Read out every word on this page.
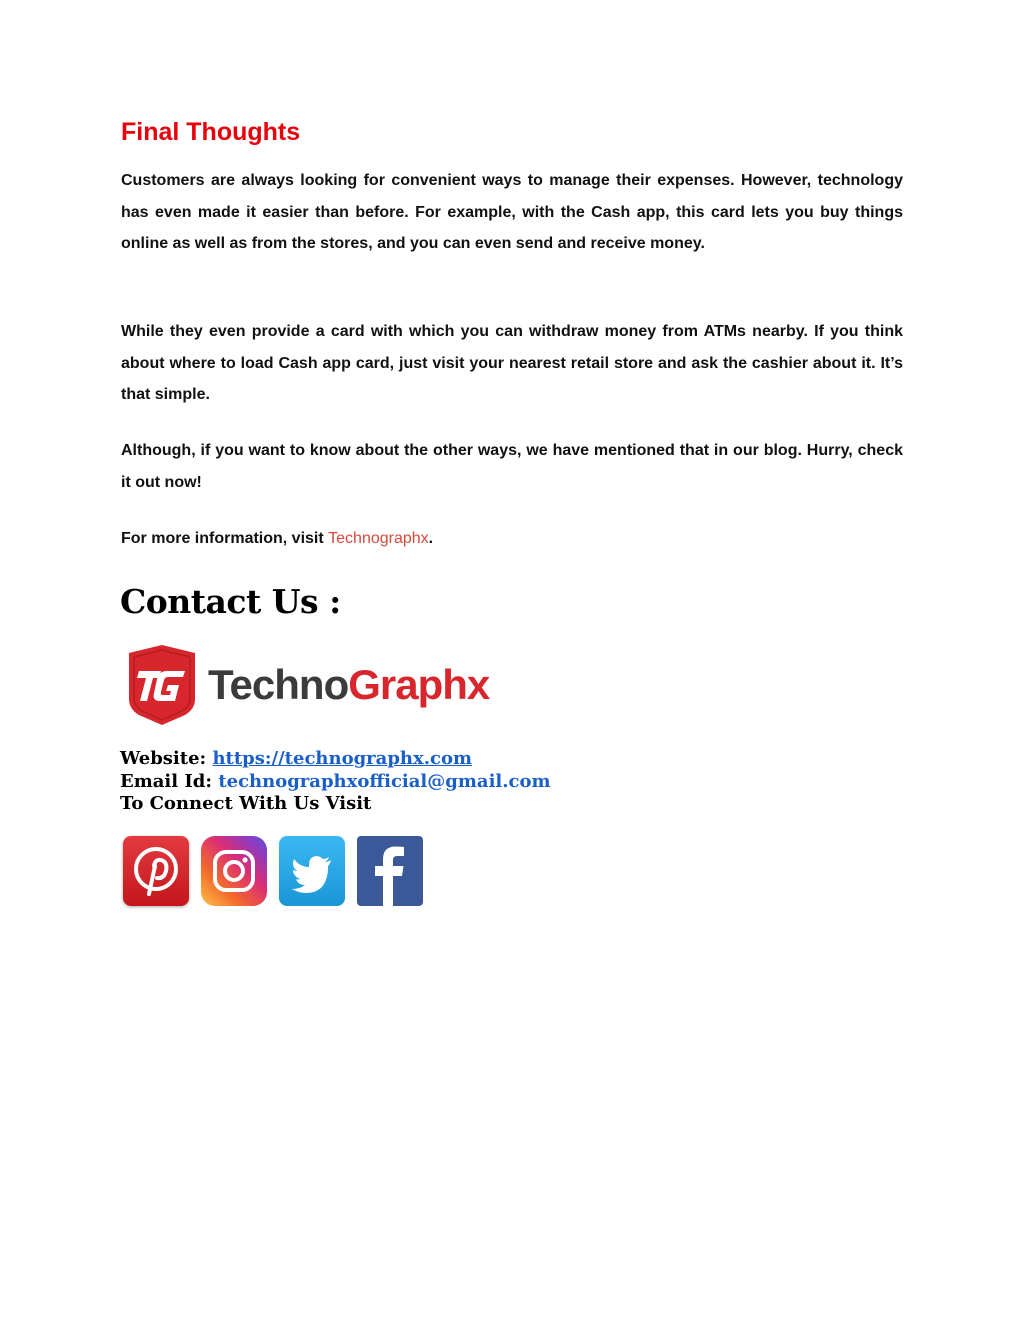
Final Thoughts

Customers are always looking for convenient ways to manage their expenses. However, technology has even made it easier than before. For example, with the Cash app, this card lets you buy things online as well as from the stores, and you can even send and receive money.

While they even provide a card with which you can withdraw money from ATMs nearby. If you think about where to load Cash app card, just visit your nearest retail store and ask the cashier about it. It’s that simple.

Although, if you want to know about the other ways, we have mentioned that in our blog. Hurry, check it out now!

For more information, visit Technographx.

Contact Us :
TechnoGraphx
Website: https://technographx.com
Email Id: technographxofficial@gmail.com
To Connect With Us Visit
